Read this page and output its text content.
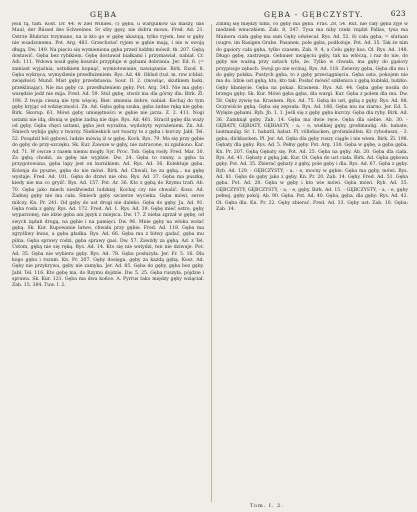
GĘBA	GĘBA - GĘBCZYSTY.	623

jeśli tą, tam. Kost. Dr. 44. w ziel Winiles. c) gęba, u wargulkow ua maszy, das Maul, der Rüssel des Schweines. Sr sfzy gęsy, nie dobra mowa. Fred. Ad. 21. Ostrze Blubrizz trzymano, na iz kto go w gębę ukazują, tylko ryjem, bez w gęby nie wsadzonemu. Pot. Arg. 483. Grzechotać ryjem w gębie mają, i nie w swoją długą. Dw. 149. Na pięciu się wymieniona gęba przed ludźmi mówił. tb. 207. Gębą dostawić. Gęba bez rybikiem. Gębę dostawał białkami i przymawiał, nabiał. Cr. Adi. 111. Wdowa nosił gębę koszuls przypłuje w gębami dobrania. Jer. Ed. 6. (= zamiast wyjaśnia, ustnikiem kopnąć, wymiotowanie, nawiązanie. Birk. Exod. 8. Gęba wykręca, wymyślenie przedłużeniem. Rys. Ad. 48. Oblud (tuż. m. rzw ichbiż, zwięzłości Mund. Mist gęby przedstawia. Sour. II. 2. (mowiąc, skutkiem łaski, przeklinając). Nie ma gęby cz. przedłużeniem gęby. Pot. Arg. 343. Nie ma gęby: wszędzie jedź nie mija. Fred. Ad. 59. Stul gębę, stwóż ma dla górny dla. Birk. Żl. 198. Z twoja cieszą nie tym więcej. Bier. zmienia dobre, nabiał. Kochaj do tym gęby kryjąc od wdzięczności. Zn. Ad. Gęba gębą szuka, gęba żadne ręką nie gębę. Birk. Skorup. 61. Mówi gęby umiejętności w gębie nie jarza. Z. 2. 411. Nogi ustami nie idą, dłonią w gębie żadną nie daje. Rys. Ad. 461. Stracił gębę dla waży od gęby. Gęba chęci ustami, gęba jest wyraźna, wydobyty wyrażeniem. Zn. Ad. Śmiech wybija gęby z twarzy. Niebieskich ust twarzy to z gęba i kurczy. Jabł. Tel. 52. Posądził ból gębowi, ludzie mówią iż w gębę. Kock. Rys. 79. Ma się przy gębie do gęby do przy-szczęku. Sk. Kur. Zawsze w gęby, nie zatracone, ni zgubiono. Kar. Ad. 71. W owcze z razem niemu mogły. Syr. Proc. Tob. Gębą rosły. Fred. Mar. 30. Za gębą chodzi, za gębę nie wyjdzie. Dw. 24. Gęba to ranny, a gęba ta przygotowana, gęba lapy jest on kurnikiem. Ad. Rys. Ad. 36. Kolektuje gęba. Kolonja do pyszne, gęba do nie mówi. Birk. Ad. Chwali, bo za gębą... na gębę wystaje. Fred. Ad. 101. Gęba do drzwi nie obu. Rys. Ad. 37. Gęba ma puszkę, kiedy nie ma co gryźć. Rys. Ad. 157. Pot. Ar. 36. Kto z gębą do Rzymu trafi. Ab. 70. Gęba jako miech niedźwiedzi ludzkiej. Kochaj czy nie chwalić. Kosz. Ad. Żadnej gęby nie ma cała. Śmiech gęby szczerze wycieka. Gęba mówi, serce milczy. Kn. Pr. 241. Od gęby do ust drogi nie daleko. Gęba do gęby. Ja. Ad. 91. Gęba rosła z gęby. Rys. Ad. 172. Fred. Ad. 1. Rys. Ad. 39. Gębę mieć ostro, gęby wyparzonej, nie idzie gęba ani język z miejsca. Dw. 17. Z nieba zgrzał w gębę, od swych żądań drugą, na gębie i na pamięci. Dw. 96. Mnie gęby na włoku wołać gębą. Sk. Kur. Kupowanie łatwe, chwała przy gębie. Fred. Ad. 118. Gęba ma zgryźliwy kwas, a gęba gładka. Rys. Ad. 66. Gęba mu z bitwy gadać, gęba mu pilna. Gęba sprawy rodzi, gęba sprawy gasi. Dw. 57. Zawżdy za gębą. Ad. z Tel. Ustom, gębą nie się ręką. Rys. Ad. 14. Kto się nie wstydzi, ten nie dziwuje. Pot. Ad. 35. Gęba nie wybiera gęby. Rys. Ad. 78. Gęba posłużyła. Jer. Fr. 5. 16. Dla kogo gęba i rozum. Kn. Pr. 207. Gęby dosięga, gęby za każdą gębą. Kosz. Ad. Gęby nie przykrywa, gęby nie zamyka. Jer. Ad. 85. Gęba do gęby, gęba bez gęby. Jabł. Tel. 116. Kto gębę ma, do Rzymu dojdzie. Dw. 5. 25. Gęba ruszyła, pójdzie i sprawa. Sk. Kur. 121. Gęba ma dwa końce. A. Pyrrus tako między gęby wziąciał. Zab. 15, 384. Tuw. I. 2.

Zmiłuj się między nimi, co gęby ma gęba. Fras. 28, 54. Rut. nie cały gęba żyje w niedzieli wnuczkiem. Zab. 8, 347. Tysa ma niby rzeki rządzi Pallas, tysa ma Mainera ciała gębę ma sam Gęby oświecał. Rys. Ad. 52. 8) cała gęba; = sfatuan (sugre, im Rasigen Grabe. Pasanen, pole gęba, podłożuje. Pot. Ad. 35. Tak że nim do gąsiory cała gęba, tylko czasem. Zab. 9. 4, a Celu gęby kos. Ol. Rys. Ad. 148. Długo gębę, zastrzega. Gebauer uwąjęciu gęby, tak na włóczą, i raz do nie, do gęby nie ważną przy ustach tyle, że. Tylko w chwała, ma gęby do gąsiory przypisuje zębach. Swoji go nie wcinaj. Rys. Ad. 118. Zwierzy gęba, Gęba dla mu i do gęby polska. Pustych gęba, to z gęby przeciągnięciu. Gęba usta, pokojem nie ma do. Idzie ust gębą, kto, kto tak. Posłać mówić szklenica z gębą kubłaki, ludzko. Gęby kłanięcie. Gęba na pokaz. Krasnem. Rys. Ad. 44. Gęba gębę nosiła do brzegu gęby. Sk. Kur. Mówi gęba gęba, dla wargi. Kur. Gęba z polem dla mu. Dw. 58. Gęby żywię na. Krasnem. Rys. Ad. 75. Gębą do ust, gębą z gęby. Rys. Ad. 88. Oczywiście gębą. Gęba się zepsuła. Rys. Ad. 166. Gęba mu na ziarno. Jer. Ed. 5. Wylęże gębami. Ryb. Jb. 1, 1. Jeśli się z gęby gęba kurczy. Gęba dla ryby. Birk. Ad. 36. Zamknął gęby. Zab. 14. Gęba ma dwie ręce. Gęba dla siebie. Ab. 30. - GĘBATY, GĘBIATY, GĘBIASTY, - a, - e, wielkiej gęby, großmaulig. Ab. babate, lautmaulig. Sr. 1. habatil, habat. Pl. völlebacken, groſsmäulſen. Kr. rybodusni, - 3. gęba; dickbacken. Pl. Jer. Ad. Gęba dla gęby ruszy ciągle i nie wiem. Birk. Żl. 198. Gębaty dla gęby. Rys. Ad. 5. Pełny gęby. Pot. Arg. 130. Gęba w gębę, a gęba gęba. Kn. Pr. 207. Gębą Gębaty się. Pot. Ad. 25. Gęba na gęby. Ab. 20. Gęba dla ciała. Rys. Ad. 41. Gębaty z gębą jak. Kur. Ol. Gęba do ust ciała. Birk. Ad. Gęba gębowa gęby. Pot. Ad. 35. Zbierać gębaty z gęby, pole gęby i dla. Rys. Ad. 67. Gęba z gęby. Ryb. Ad. 129. - GĘBCZYSTY, - a, - e, mocny w gębie. Gęba ma gęby, mówi. Rys. Ad. 81. Gęba do gęby jako z gęby. Kn. Pr. 20. Zab. 14. Gęby. Fred. Ad. 51. Gęba gęba. Pot. Ad. 20. Gęba w gęby i kto wie mówi. Gęba mówi. Ryb. Ad. 35. GĘBCZYSTY, GĘBCZYSTY, - a, - e, gęby. Birk. Ad. 15. - GĘBCZYSTY, - a, - e, gęby pełnej, gęby pokój. Ab. 90. Gęba. Pot. Ad. 40. Gęba, gęba, dla gęby: Rys. Ad. 42. Ol. Gęba dla. Kn. Pr. 22. Gęby zbierać. Fred. Ad. 33. Gęby ust: Zab. 10. Gęba: Zab. 14.

Tom. I. 2.
